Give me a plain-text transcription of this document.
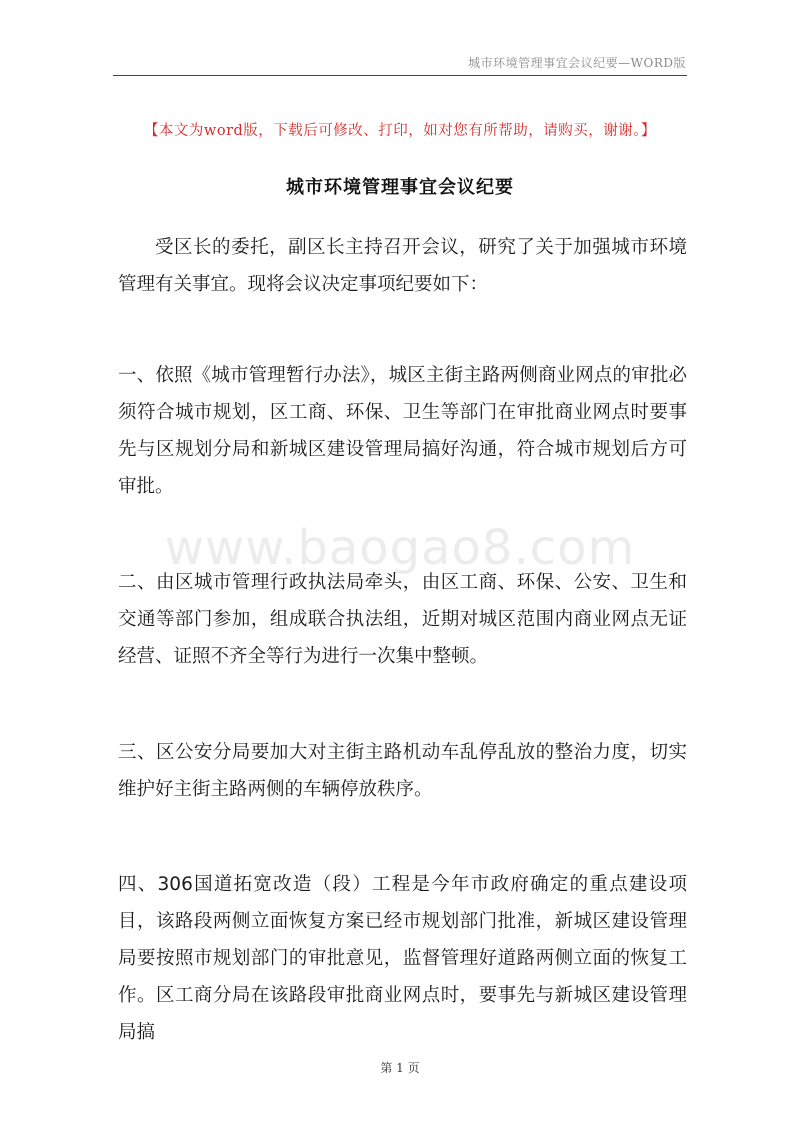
城市环境管理事宜会议纪要—WORD版
【本文为word版，下载后可修改、打印，如对您有所帮助，请购买，谢谢。】
城市环境管理事宜会议纪要

受区长的委托，副区长主持召开会议，研究了关于加强城市环境管理有关事宜。现将会议决定事项纪要如下：

一、依照《城市管理暂行办法》，城区主街主路两侧商业网点的审批必须符合城市规划，区工商、环保、卫生等部门在审批商业网点时要事先与区规划分局和新城区建设管理局搞好沟通，符合城市规划后方可审批。

www.baogao8.com

二、由区城市管理行政执法局牵头，由区工商、环保、公安、卫生和交通等部门参加，组成联合执法组，近期对城区范围内商业网点无证经营、证照不齐全等行为进行一次集中整顿。

三、区公安分局要加大对主街主路机动车乱停乱放的整治力度，切实维护好主街主路两侧的车辆停放秩序。

四、306国道拓宽改造（段）工程是今年市政府确定的重点建设项目，该路段两侧立面恢复方案已经市规划部门批准，新城区建设管理局要按照市规划部门的审批意见，监督管理好道路两侧立面的恢复工作。区工商分局在该路段审批商业网点时，要事先与新城区建设管理局搞

第 1 页
